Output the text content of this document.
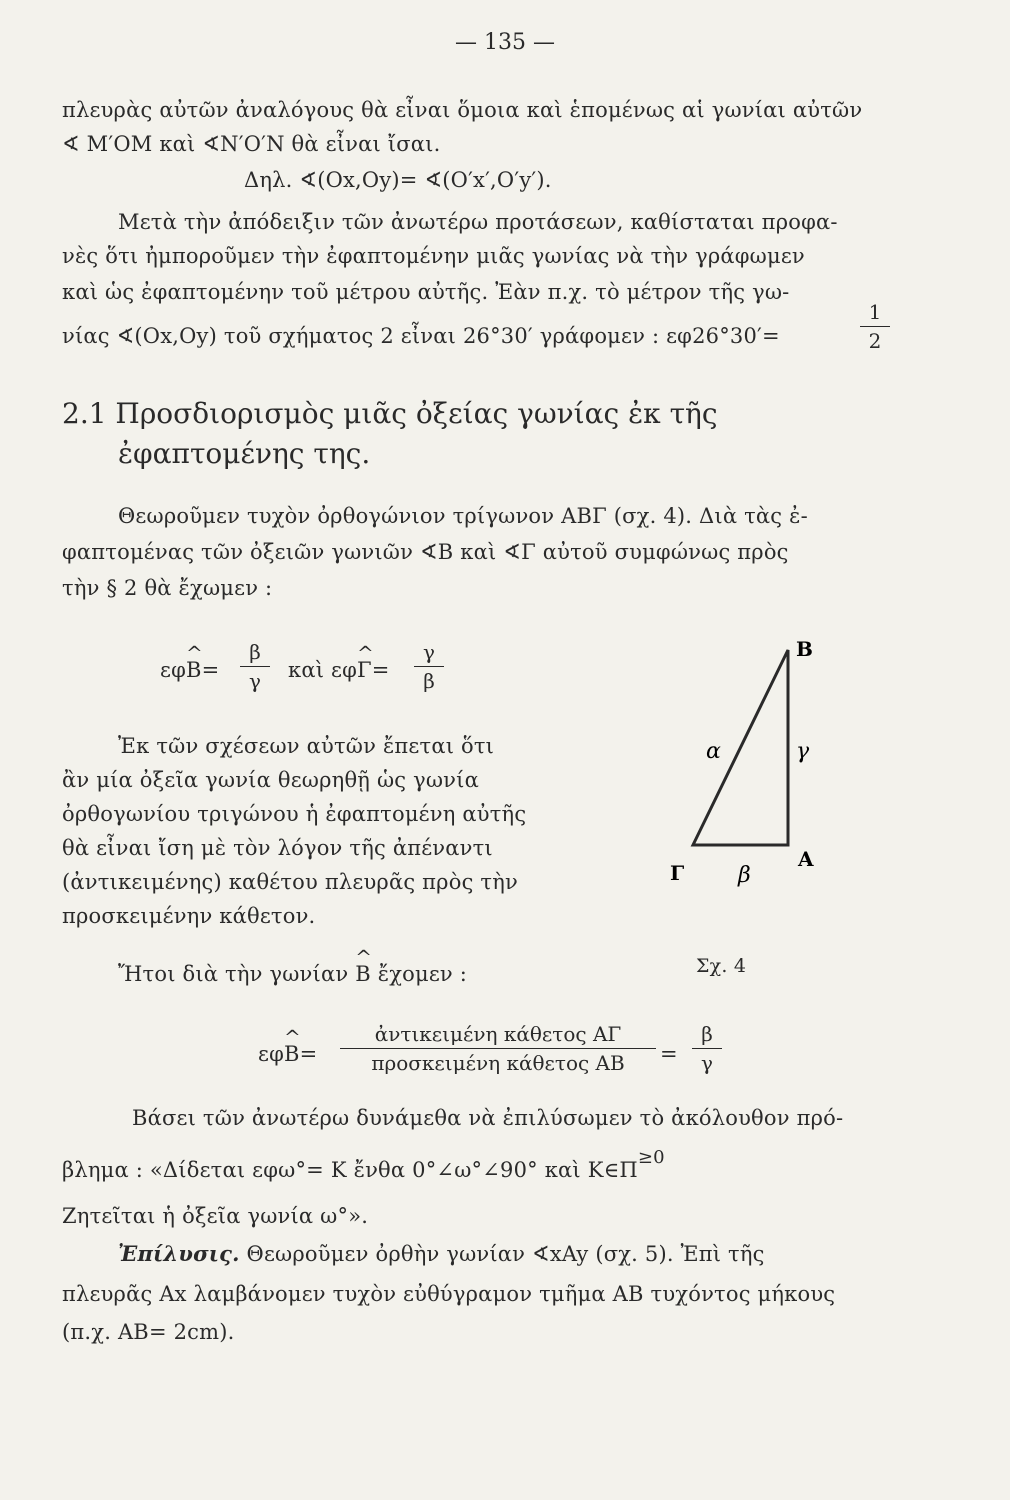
— 135 —
πλευρὰς αὐτῶν ἀναλόγους θὰ εἶναι ὅμοια καὶ ἑπομένως αἱ γωνίαι αὐτῶν
∢ M′OM καὶ ∢N′O′N θὰ εἶναι ἴσαι.
Δηλ. ∢(Ox,Oy)= ∢(O′x′,O′y′).
Μετὰ τὴν ἀπόδειξιν τῶν ἀνωτέρω προτάσεων, καθίσταται προφα-
νὲς ὅτι ἠμποροῦμεν τὴν ἐφαπτομένην μιᾶς γωνίας νὰ τὴν γράφωμεν
καὶ ὡς ἐφαπτομένην τοῦ μέτρου αὐτῆς. Ἐὰν π.χ. τὸ μέτρον τῆς γω-
νίας ∢(Ox,Oy) τοῦ σχήματος 2 εἶναι 26°30′ γράφομεν : εφ26°30′=
1
2
2.1 Προσδιορισμὸς μιᾶς ὀξείας γωνίας ἐκ τῆς
ἐφαπτομένης της.
Θεωροῦμεν τυχὸν ὀρθογώνιον τρίγωνον ΑΒΓ (σχ. 4). Διὰ τὰς ἐ-
φαπτομένας τῶν ὀξειῶν γωνιῶν ∢Β καὶ ∢Γ αὐτοῦ συμφώνως πρὸς
τὴν § 2 θὰ ἔχωμεν :
εφB ^=
β
γ	καὶ εφΓ ^=
γ
β
Ἐκ τῶν σχέσεων αὐτῶν ἔπεται ὅτι
ἂν μία ὀξεῖα γωνία θεωρηθῇ ὡς γωνία
ὀρθογωνίου τριγώνου ἡ ἐφαπτομένη αὐτῆς
θὰ εἶναι ἴση μὲ τὸν λόγον τῆς ἀπέναντι
(ἀντικειμένης) καθέτου πλευρᾶς πρὸς τὴν
προσκειμένην κάθετον.
B
A
Γ
α	γ
β
Σχ. 4
Ἤτοι διὰ τὴν γωνίαν B ^ ἔχομεν :
εφB ^=
ἀντικειμένη κάθετος ΑΓ
προσκειμένη κάθετος ΑΒ	=
β
γ
Βάσει τῶν ἀνωτέρω δυνάμεθα νὰ ἐπιλύσωμεν τὸ ἀκόλουθον πρό-
βλημα : «Δίδεται εφω°= Κ ἔνθα 0°∠ω°∠90° καὶ Κ∈Π≥0
Ζητεῖται ἡ ὀξεῖα γωνία ω°».
Ἐπίλυσις. Θεωροῦμεν ὀρθὴν γωνίαν ∢xAy (σχ. 5). Ἐπὶ τῆς
πλευρᾶς Ax λαμβάνομεν τυχὸν εὐθύγραμον τμῆμα ΑΒ τυχόντος μήκους
(π.χ. ΑΒ= 2cm).
